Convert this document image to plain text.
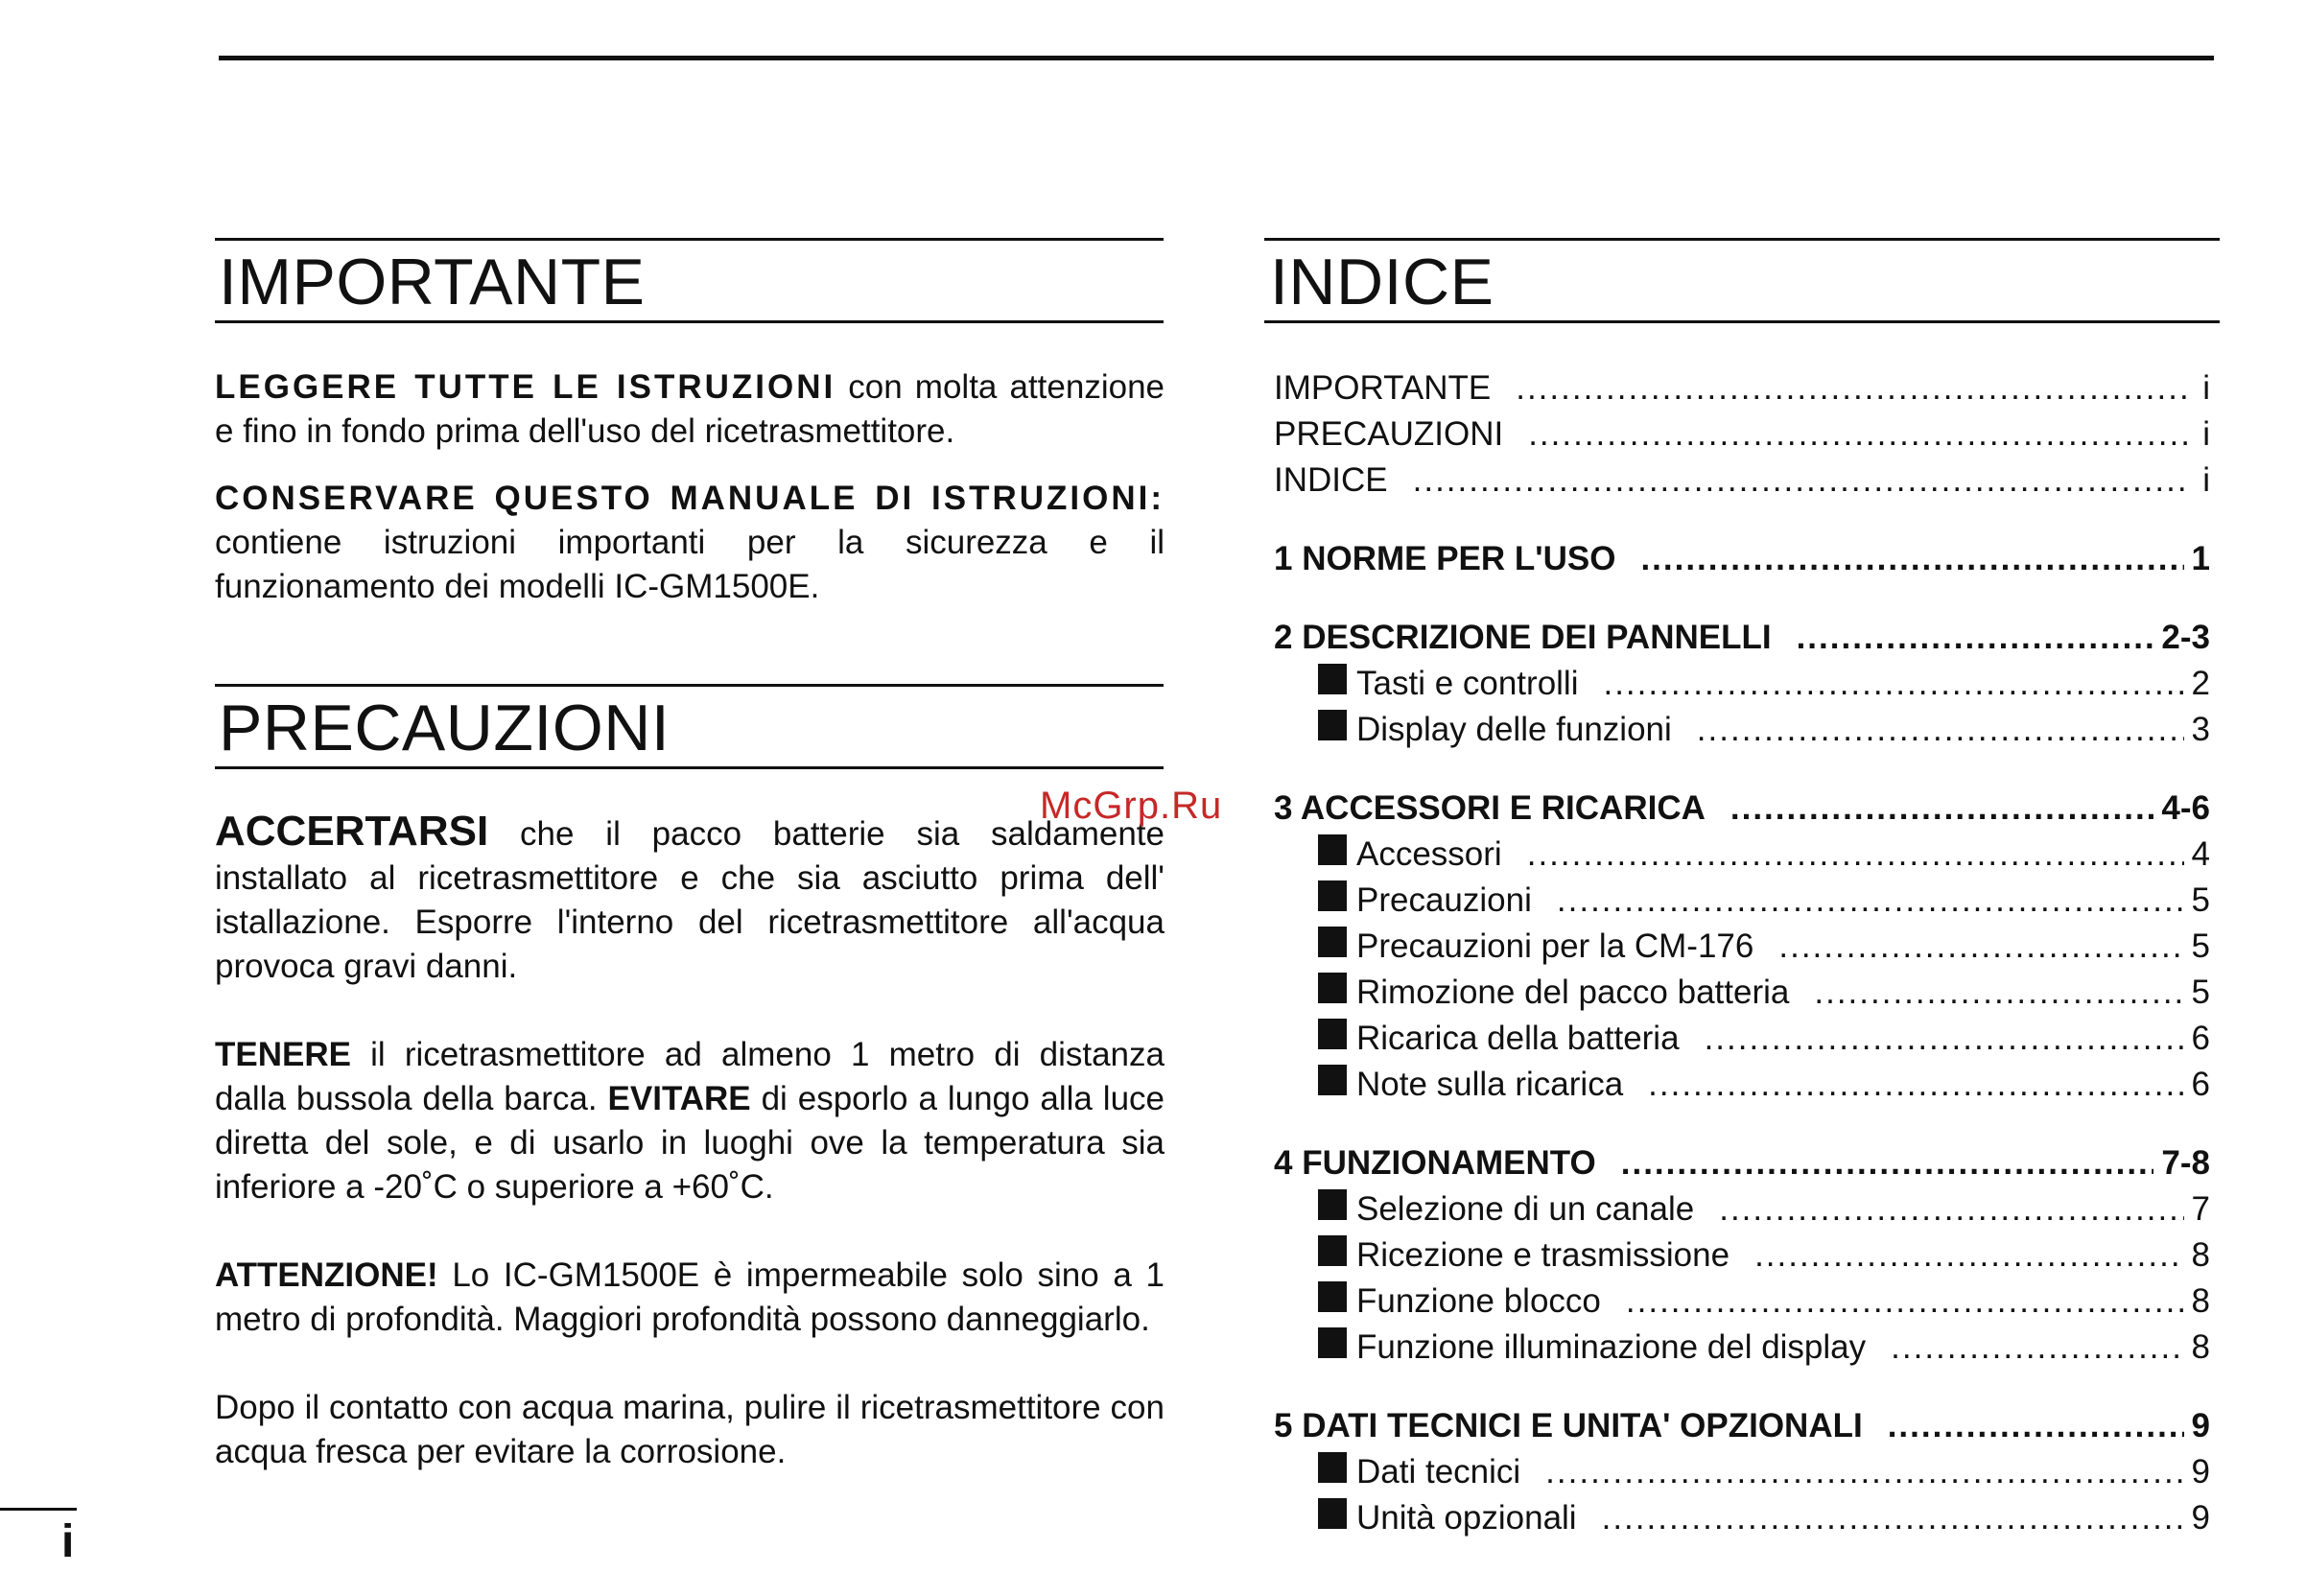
IMPORTANTE

LEGGERE TUTTE LE ISTRUZIONI con molta attenzione e fino in fondo prima dell'uso del ricetrasmettitore.

CONSERVARE QUESTO MANUALE DI ISTRUZIONI: contiene istruzioni importanti per la sicurezza e il funzionamento dei modelli IC-GM1500E.

PRECAUZIONI

ACCERTARSI che il pacco batterie sia saldamente installato al ricetrasmettitore e che sia asciutto prima dell' istallazione. Esporre l'interno del ricetrasmettitore all'acqua provoca gravi danni.

TENERE il ricetrasmettitore ad almeno 1 metro di distanza dalla bussola della barca. EVITARE di esporlo a lungo alla luce diretta del sole, e di usarlo in luoghi ove la temperatura sia inferiore a -20˚C o superiore a +60˚C.

ATTENZIONE! Lo IC-GM1500E è impermeabile solo sino a 1 metro di profondità. Maggiori profondità possono danneggiarlo.

Dopo il contatto con acqua marina, pulire il ricetrasmettitore con acqua fresca per evitare la corrosione.

INDICE
IMPORTANTE .....	i
PRECAUZIONI .....	i
INDICE .....	i
1 NORME PER L'USO .....	1
2 DESCRIZIONE DEI PANNELLI .....	2-3
Tasti e controlli .....	2
Display delle funzioni .....	3
3 ACCESSORI E RICARICA .....	4-6
Accessori .....	4
Precauzioni .....	5
Precauzioni per la CM-176 .....	5
Rimozione del pacco batteria .....	5
Ricarica della batteria .....	6
Note sulla ricarica .....	6
4 FUNZIONAMENTO .....	7-8
Selezione di un canale .....	7
Ricezione e trasmissione .....	8
Funzione blocco .....	8
Funzione illuminazione del display .....	8
5 DATI TECNICI E UNITA' OPZIONALI .....	9
Dati tecnici .....	9
Unità opzionali .....	9
McGrp.Ru
i
